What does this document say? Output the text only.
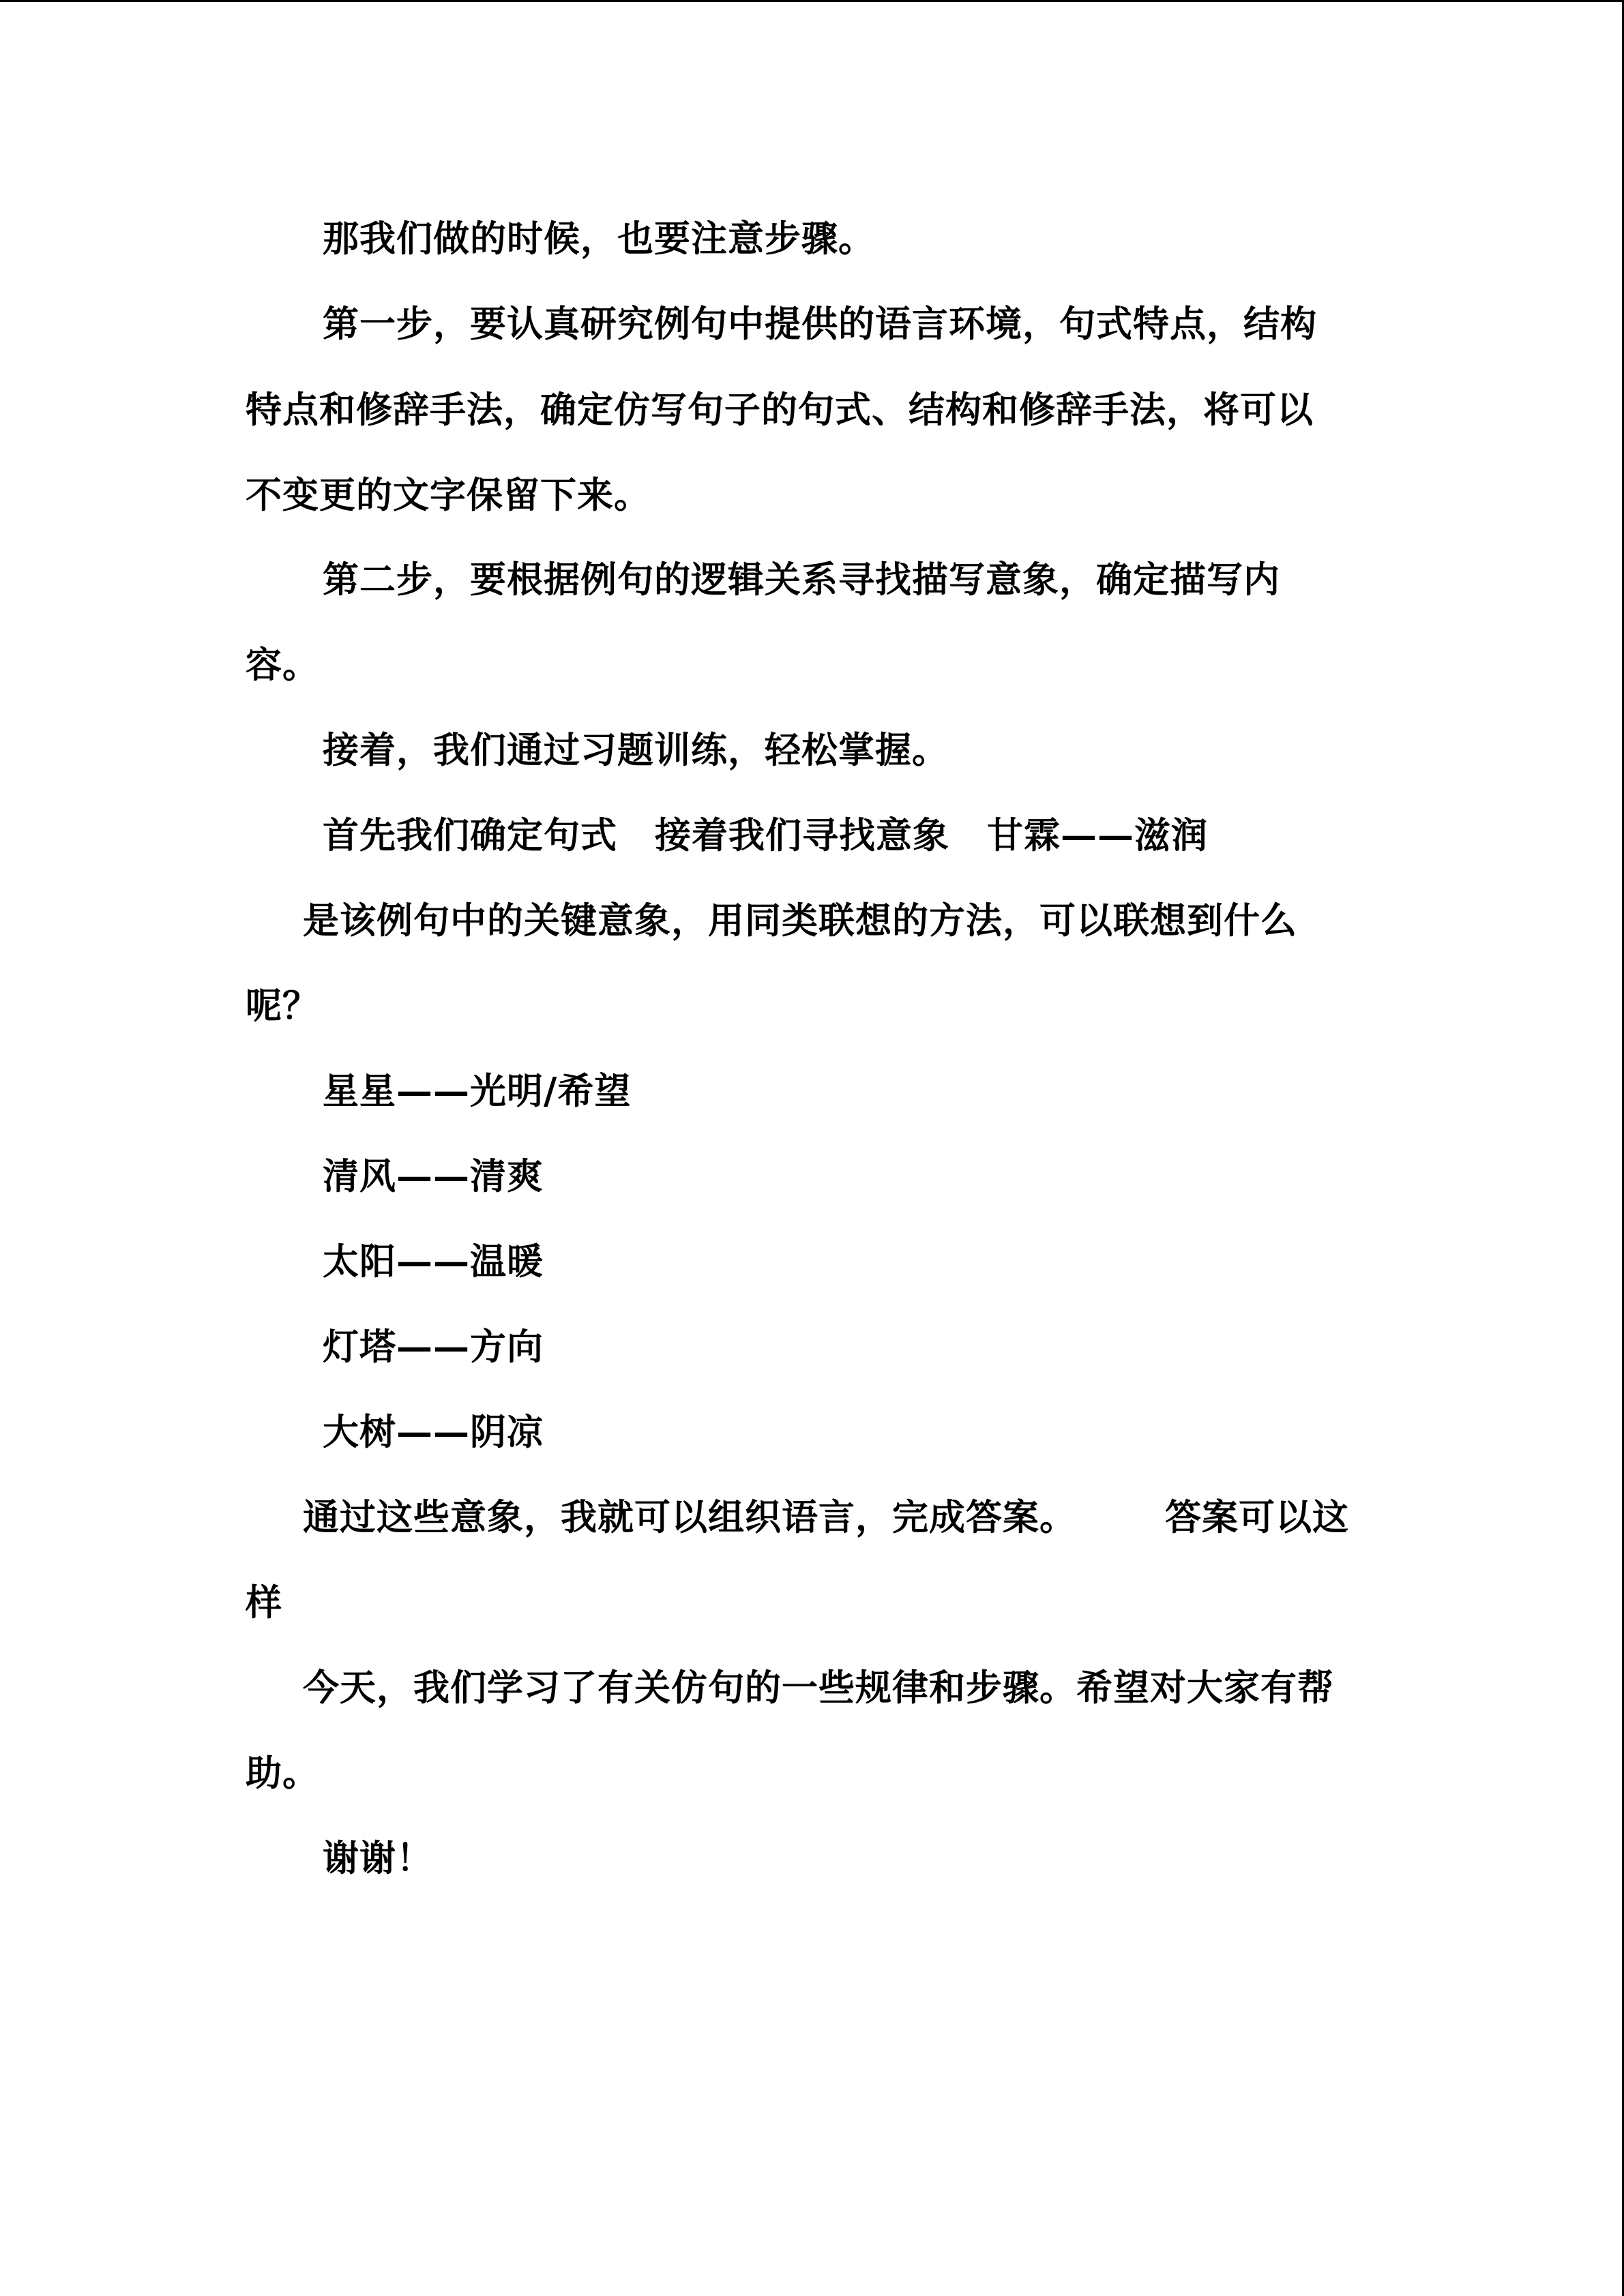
那我们做的时候，也要注意步骤。
第一步，要认真研究例句中提供的语言环境，句式特点，结构
特点和修辞手法，确定仿写句子的句式、结构和修辞手法，将可以
不变更的文字保留下来。
第二步，要根据例句的逻辑关系寻找描写意象，确定描写内
容。
接着，我们通过习题训练，轻松掌握。
首先我们确定句式 接着我们寻找意象 甘霖——滋润
是该例句中的关键意象，用同类联想的方法，可以联想到什么
呢？
星星——光明/希望
清风——清爽
太阳——温暖
灯塔——方向
大树——阴凉
通过这些意象，我就可以组织语言，完成答案。 答案可以这
样
今天，我们学习了有关仿句的一些规律和步骤。希望对大家有帮
助。
谢谢！
